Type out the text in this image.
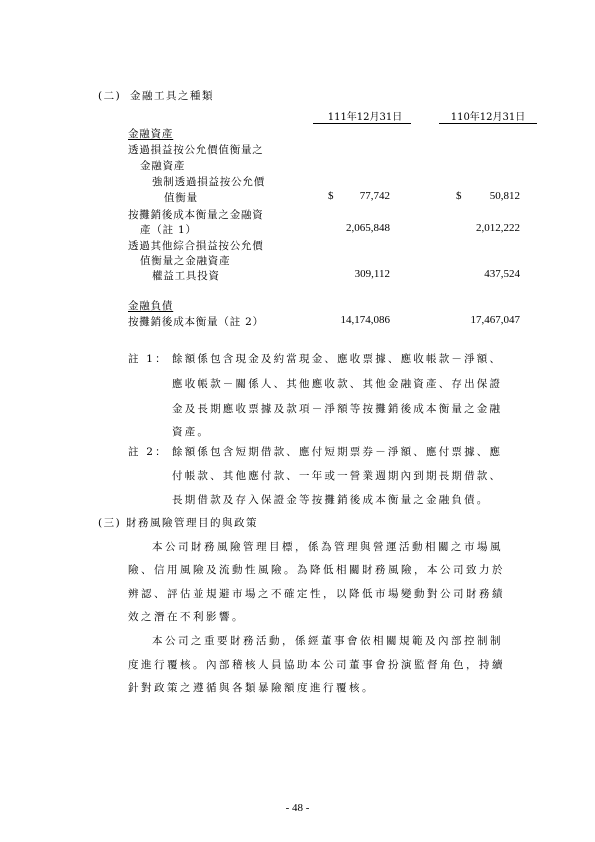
(二) 金融工具之種類
111年12月31日	110年12月31日
金融資產
透過損益按公允價值衡量之
金融資產
強制透過損益按公允價
值衡量	$	77,742	$	50,812
按攤銷後成本衡量之金融資
產（註 1）	2,065,848	2,012,222
透過其他綜合損益按公允價
值衡量之金融資產
權益工具投資	309,112	437,524
金融負債
按攤銷後成本衡量（註 2）	14,174,086	17,467,047
註 1： 餘額係包含現金及約當現金、應收票據、應收帳款－淨額、
應收帳款－關係人、其他應收款、其他金融資產、存出保證
金及長期應收票據及款項－淨額等按攤銷後成本衡量之金融
資產。
註 2： 餘額係包含短期借款、應付短期票券－淨額、應付票據、應
付帳款、其他應付款、一年或一營業週期內到期長期借款、
長期借款及存入保證金等按攤銷後成本衡量之金融負債。
(三) 財務風險管理目的與政策
本公司財務風險管理目標，係為管理與營運活動相關之市場風
險、信用風險及流動性風險。為降低相關財務風險，本公司致力於
辨認、評估並規避市場之不確定性，以降低市場變動對公司財務績
效之潛在不利影響。
本公司之重要財務活動，係經董事會依相關規範及內部控制制
度進行覆核。內部稽核人員協助本公司董事會扮演監督角色，持續
針對政策之遵循與各類暴險額度進行覆核。
- 48 -
